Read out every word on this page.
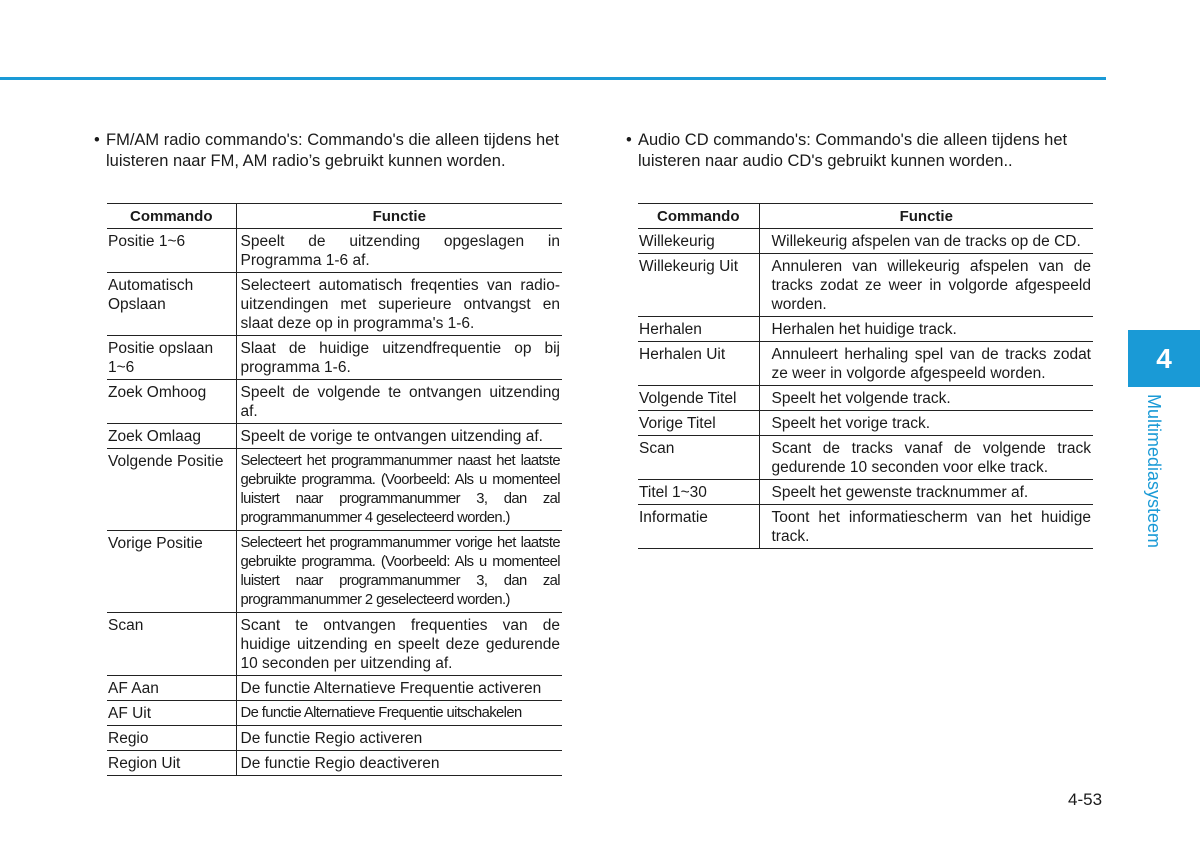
• FM/AM radio commando's: Commando's die alleen tijdens het luisteren naar FM, AM radio’s gebruikt kunnen worden.
• Audio CD commando's: Commando's die alleen tijdens het luisteren naar audio CD's gebruikt kunnen worden..
Commando	Functie
Positie 1~6	Speelt de uitzending opgeslagen in Programma 1-6 af.
Automatisch Opslaan	Selecteert automatisch freqenties van radio-uitzendingen met superieure ontvangst en slaat deze op in programma's 1-6.
Positie opslaan 1~6	Slaat de huidige uitzendfrequentie op bij programma 1-6.
Zoek Omhoog	Speelt de volgende te ontvangen uitzending af.
Zoek Omlaag	Speelt de vorige te ontvangen uitzending af.
Volgende Positie	Selecteert het programmanummer naast het laatste gebruikte programma. (Voorbeeld: Als u momenteel luistert naar programmanummer 3, dan zal programmanummer 4 geselecteerd worden.)
Vorige Positie	Selecteert het programmanummer vorige het laatste gebruikte programma. (Voorbeeld: Als u momenteel luistert naar programmanummer 3, dan zal programmanummer 2 geselecteerd worden.)
Scan	Scant te ontvangen frequenties van de huidige uitzending en speelt deze gedurende 10 seconden per uitzending af.
AF Aan	De functie Alternatieve Frequentie activeren
AF Uit	De functie Alternatieve Frequentie uitschakelen
Regio	De functie Regio activeren
Region Uit	De functie Regio deactiveren
Commando	Functie
Willekeurig	Willekeurig afspelen van de tracks op de CD.
Willekeurig Uit	Annuleren van willekeurig afspelen van de tracks zodat ze weer in volgorde afgespeeld worden.
Herhalen	Herhalen het huidige track.
Herhalen Uit	Annuleert herhaling spel van de tracks zodat ze weer in volgorde afgespeeld worden.
Volgende Titel	Speelt het volgende track.
Vorige Titel	Speelt het vorige track.
Scan	Scant de tracks vanaf de volgende track gedurende 10 seconden voor elke track.
Titel 1~30	Speelt het gewenste tracknummer af.
Informatie	Toont het informatiescherm van het huidige track.
4
Multimediasysteem
4-53
